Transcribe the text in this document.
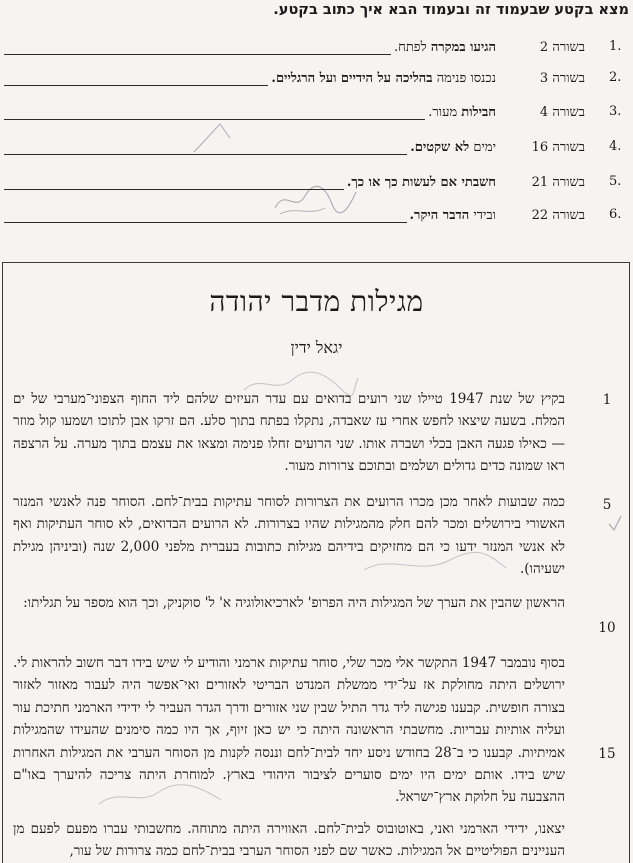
מצא בקטע שבעמוד זה ובעמוד הבא איך כתוב בקטע.
1.
בשורה 2
הגיעו במקרה לפתח.
2.
בשורה 3
נכנסו פנימה בהליכה על הידיים ועל הרגליים.
3.
בשורה 4
חבילות מעור.
4.
בשורה 16
ימים לא שקטים.
5.
בשורה 21
חשבתי אם לעשות כך או כך.
6.
בשורה 22
ובידי הדבר היקר.
מגילות מדבר יהודה
יגאל ידין
1
בקיץ של שנת 1947 טיילו שני רועים בדואים עם עדר העיזים שלהם ליד החוף הצפוני־מערבי של ים המלח. בשעה שיצאו לחפש אחרי עז שאבדה, נתקלו בפתח בתוך סלע. הם זרקו אבן לתוכו ושמעו קול מוזר — כאילו פגעה האבן בכלי ושברה אותו. שני הרועים זחלו פנימה ומצאו את עצמם בתוך מערה. על הרצפה ראו שמונה כדים גדולים ושלמים ובתוכם צרורות מעור.
5
כמה שבועות לאחר מכן מכרו הרועים את הצרורות לסוחר עתיקות בבית־לחם. הסוחר פנה לאנשי המנזר האשורי בירושלים ומכר להם חלק מהמגילות שהיו בצרורות. לא הרועים הבדואים, לא סוחר העתיקות ואף לא אנשי המנזר ידעו כי הם מחזיקים בידיהם מגילות כתובות בעברית מלפני 2,000 שנה (וביניהן מגילת ישעיהו).
10
הראשון שהבין את הערך של המגילות היה הפרופ' לארכיאולוגיה א' ל' סוקניק, וכך הוא מספר על תגליתו:
15
בסוף נובמבר 1947 התקשר אלי מכר שלי, סוחר עתיקות ארמני והודיע לי שיש בידו דבר חשוב להראות לי. ירושלים היתה מחולקת אז על־ידי ממשלת המנדט הבריטי לאזורים ואי־אפשר היה לעבור מאזור לאזור בצורה חופשית. קבענו פגישה ליד גדר התיל שבין שני אזורים ודרך הגדר העביר לי ידידי הארמני חתיכת עור ועליה אותיות עבריות. מחשבתי הראשונה היתה כי יש כאן זיוף, אך היו כמה סימנים שהעידו שהמגילות אמיתיות. קבענו כי ב־28 בחודש ניסע יחד לבית־לחם וננסה לקנות מן הסוחר הערבי את המגילות האחרות שיש בידו. אותם ימים היו ימים סוערים לציבור היהודי בארץ. למוחרת היתה צריכה להיערך באו"ם ההצבעה על חלוקת ארץ־ישראל.
יצאנו, ידידי הארמני ואני, באוטובוס לבית־לחם. האווירה היתה מתוחה. מחשבותי עברו מפעם לפעם מן העניינים הפוליטיים אל המגילות. כאשר שם לפני הסוחר הערבי בבית־לחם כמה צרורות של עור,
